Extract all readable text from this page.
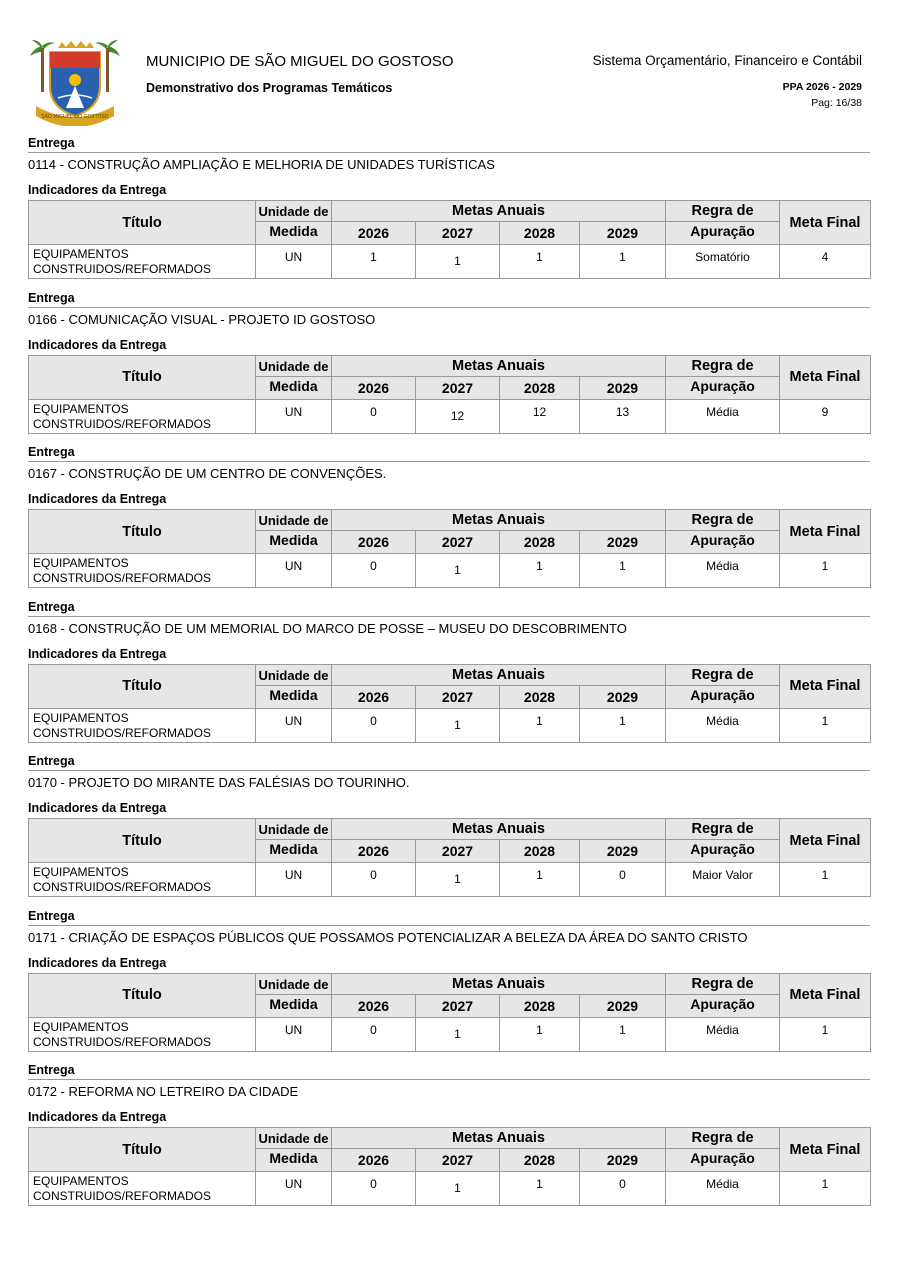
SÃO MIGUEL DO GOSTOSO
MUNICIPIO DE SÃO MIGUEL DO GOSTOSO
Demonstrativo dos Programas Temáticos
Sistema Orçamentário, Financeiro e Contábil
PPA 2026 - 2029
Pag: 16/38
Entrega
0114 - CONSTRUÇÃO AMPLIAÇÃO E MELHORIA DE UNIDADES TURÍSTICAS
Indicadores da Entrega
Título	Unidade de	Metas Anuais				Regra de	Meta Final
	Medida	2026	2027	2028	2029	Apuração	

EQUIPAMENTOS
CONSTRUIDOS/REFORMADOS	UN	1	1	1	1	Somatório	4
Entrega
0166 - COMUNICAÇÃO VISUAL - PROJETO ID GOSTOSO
Indicadores da Entrega
Título	Unidade de	Metas Anuais				Regra de	Meta Final
	Medida	2026	2027	2028	2029	Apuração	

EQUIPAMENTOS
CONSTRUIDOS/REFORMADOS	UN	0	12	12	13	Média	9
Entrega
0167 - CONSTRUÇÃO DE UM CENTRO DE CONVENÇÕES.
Indicadores da Entrega
Título	Unidade de	Metas Anuais				Regra de	Meta Final
	Medida	2026	2027	2028	2029	Apuração	

EQUIPAMENTOS
CONSTRUIDOS/REFORMADOS	UN	0	1	1	1	Média	1
Entrega
0168 - CONSTRUÇÃO DE UM MEMORIAL DO MARCO DE POSSE – MUSEU DO DESCOBRIMENTO
Indicadores da Entrega
Título	Unidade de	Metas Anuais				Regra de	Meta Final
	Medida	2026	2027	2028	2029	Apuração	

EQUIPAMENTOS
CONSTRUIDOS/REFORMADOS	UN	0	1	1	1	Média	1
Entrega
0170 - PROJETO DO MIRANTE DAS FALÉSIAS DO TOURINHO.
Indicadores da Entrega
Título	Unidade de	Metas Anuais				Regra de	Meta Final
	Medida	2026	2027	2028	2029	Apuração	

EQUIPAMENTOS
CONSTRUIDOS/REFORMADOS	UN	0	1	1	0	Maior Valor	1
Entrega
0171 - CRIAÇÃO DE ESPAÇOS PÚBLICOS QUE POSSAMOS POTENCIALIZAR A BELEZA DA ÁREA DO SANTO CRISTO
Indicadores da Entrega
Título	Unidade de	Metas Anuais				Regra de	Meta Final
	Medida	2026	2027	2028	2029	Apuração	

EQUIPAMENTOS
CONSTRUIDOS/REFORMADOS	UN	0	1	1	1	Média	1
Entrega
0172 - REFORMA NO LETREIRO DA CIDADE
Indicadores da Entrega
Título	Unidade de	Metas Anuais				Regra de	Meta Final
	Medida	2026	2027	2028	2029	Apuração	

EQUIPAMENTOS
CONSTRUIDOS/REFORMADOS	UN	0	1	1	0	Média	1
